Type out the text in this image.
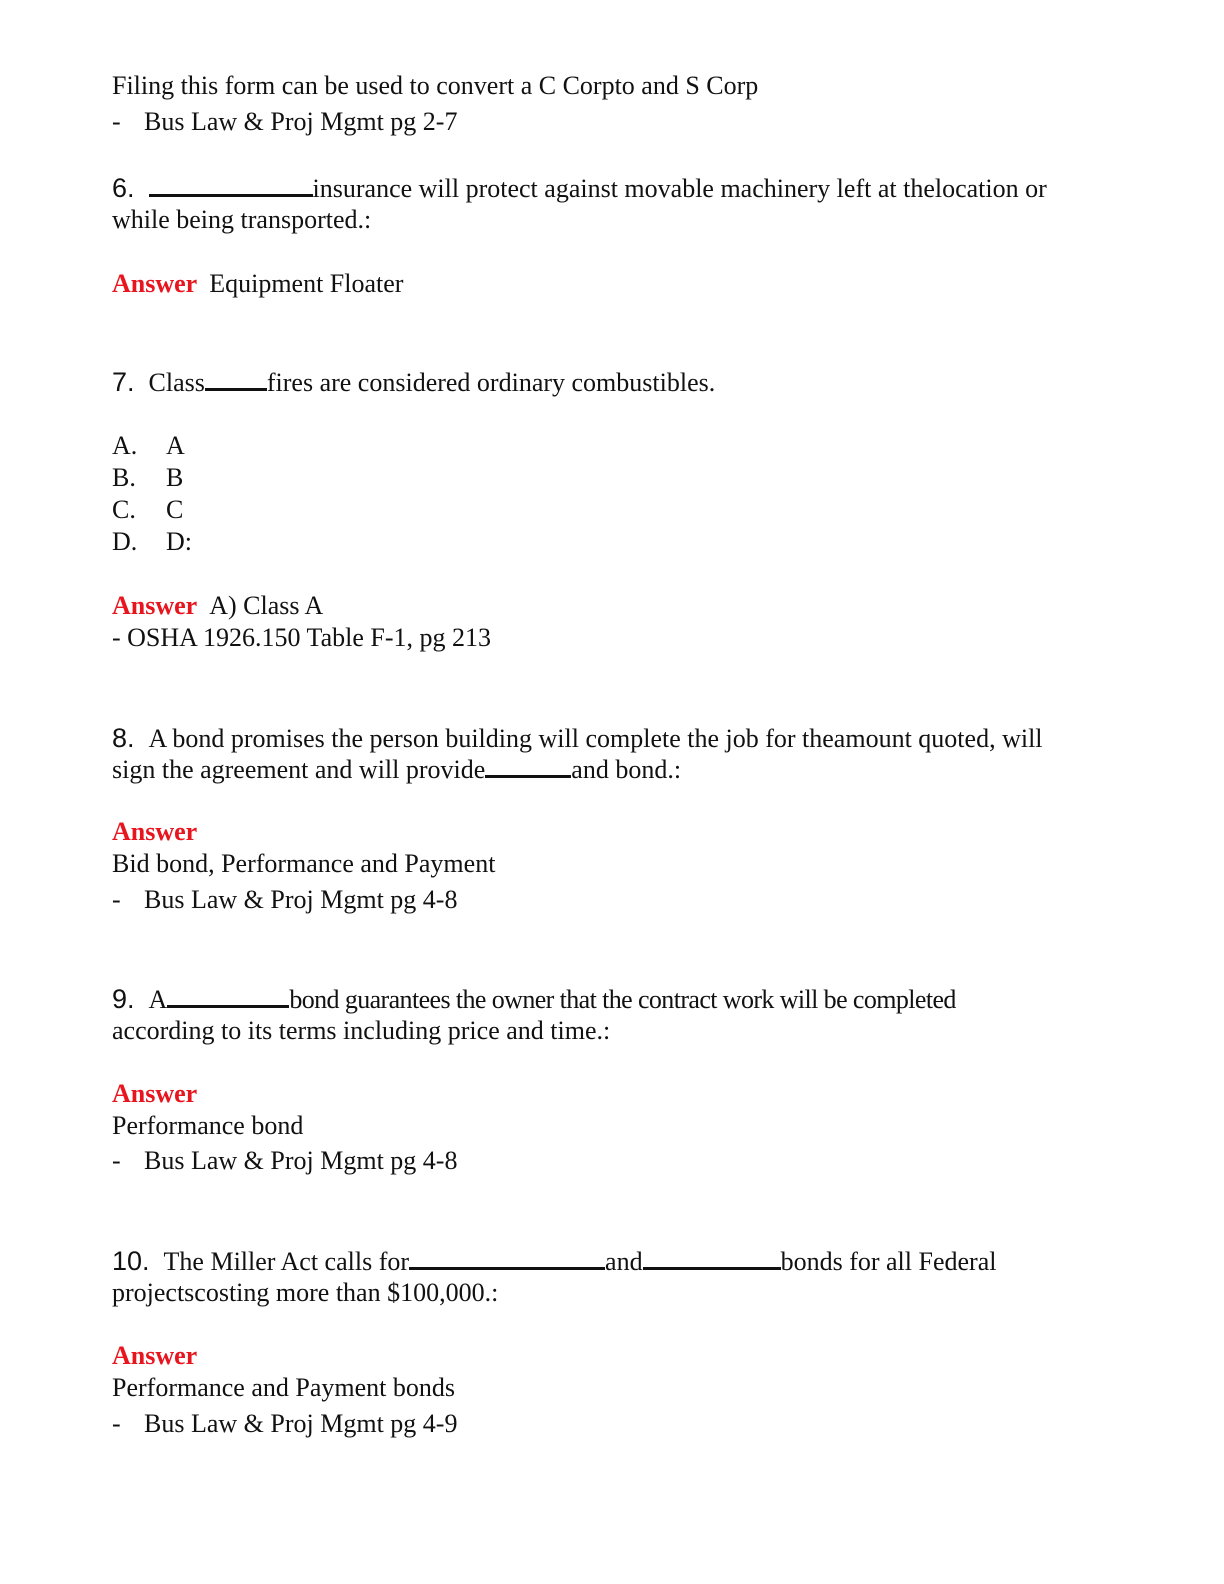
Filing this form can be used to convert a C Corpto and S Corp
- Bus Law & Proj Mgmt pg 2-7
6.	insurance will protect against movable machinery left at thelocation or
while being transported.:
Answer Equipment Floater
7. Class fires are considered ordinary combustibles.
A. A
B. B
C. C
D. D:
Answer A) Class A
- OSHA 1926.150 Table F-1, pg 213
8. A bond promises the person building will complete the job for theamount quoted, will
sign the agreement and will provide	and bond.:
Answer
Bid bond, Performance and Payment
- Bus Law & Proj Mgmt pg 4-8
9. A	bond guarantees the owner that the contract work will be completed
according to its terms including price and time.:
Answer
Performance bond
- Bus Law & Proj Mgmt pg 4-8
10. The Miller Act calls for	and	bonds for all Federal
projectscosting more than $100,000.:
Answer
Performance and Payment bonds
- Bus Law & Proj Mgmt pg 4-9
